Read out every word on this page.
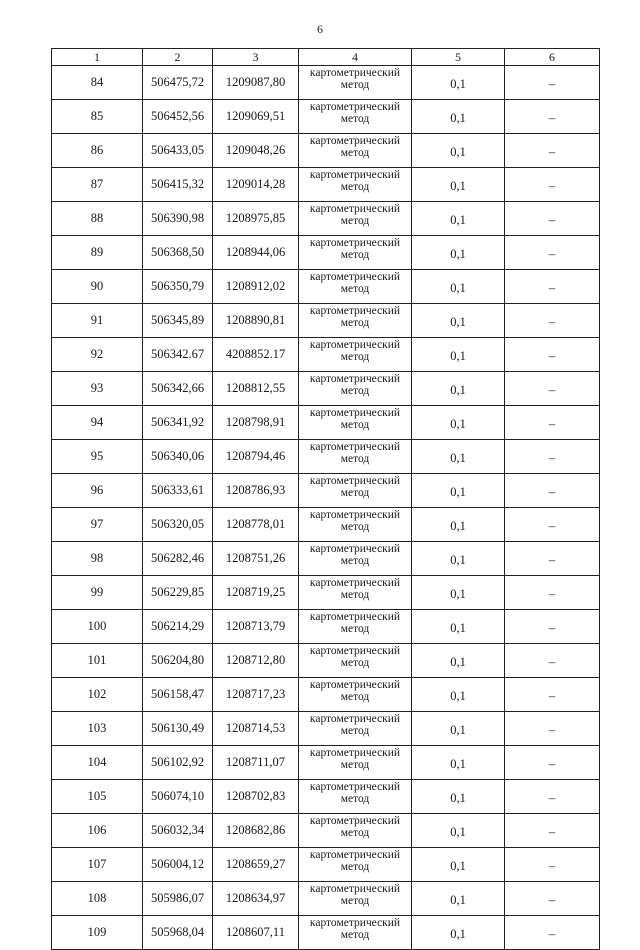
6
1	2	3	4	5	6
84	506475,72	1209087,80	картометрический метод	0,1	–
85	506452,56	1209069,51	картометрический метод	0,1	–
86	506433,05	1209048,26	картометрический метод	0,1	–
87	506415,32	1209014,28	картометрический метод	0,1	–
88	506390,98	1208975,85	картометрический метод	0,1	–
89	506368,50	1208944,06	картометрический метод	0,1	–
90	506350,79	1208912,02	картометрический метод	0,1	–
91	506345,89	1208890,81	картометрический метод	0,1	–
92	506342.67	4208852.17	картометрический метод	0,1	–
93	506342,66	1208812,55	картометрический метод	0,1	–
94	506341,92	1208798,91	картометрический метод	0,1	–
95	506340,06	1208794,46	картометрический метод	0,1	–
96	506333,61	1208786,93	картометрический метод	0,1	–
97	506320,05	1208778,01	картометрический метод	0,1	–
98	506282,46	1208751,26	картометрический метод	0,1	–
99	506229,85	1208719,25	картометрический метод	0,1	–
100	506214,29	1208713,79	картометрический метод	0,1	–
101	506204,80	1208712,80	картометрический метод	0,1	–
102	506158,47	1208717,23	картометрический метод	0,1	–
103	506130,49	1208714,53	картометрический метод	0,1	–
104	506102,92	1208711,07	картометрический метод	0,1	–
105	506074,10	1208702,83	картометрический метод	0,1	–
106	506032,34	1208682,86	картометрический метод	0,1	–
107	506004,12	1208659,27	картометрический метод	0,1	–
108	505986,07	1208634,97	картометрический метод	0,1	–
109	505968,04	1208607,11	картометрический метод	0,1	–
